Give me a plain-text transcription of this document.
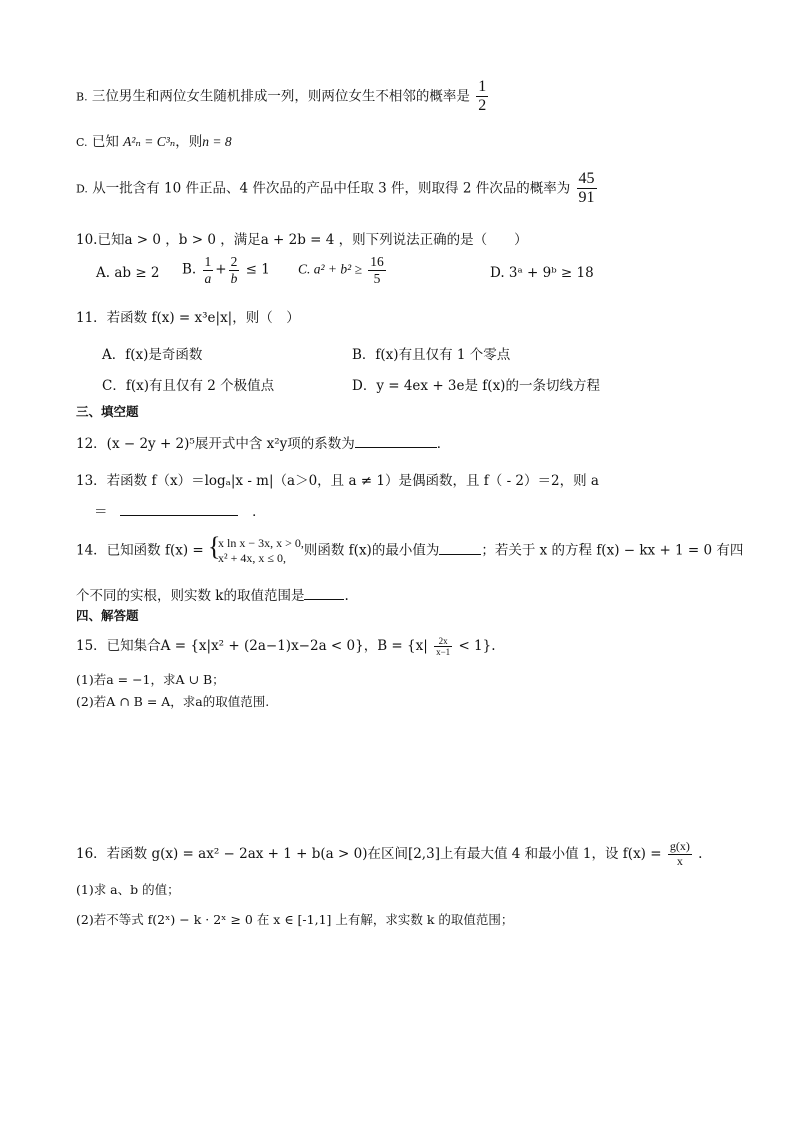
B. 三位男生和两位女生随机排成一列，则两位女生不相邻的概率是 $\frac{1}{2}$
C. 已知 A²ₙ = C³ₙ，则n = 8
D. 从一批含有 10 件正品、4 件次品的产品中任取 3 件，则取得 2 件次品的概率为 $\frac{45}{91}$
10.已知a > 0 ，b > 0 ，满足a + 2b = 4 ，则下列说法正确的是（　　）
A. ab ≥ 2 B. $\frac{1}{a} + \frac{2}{b} \le 1$ C. $a^2 + b^2 \ge \frac{16}{5}$	D. 3ᵃ + 9ᵇ ≥ 18
11．若函数 f(x) = x³e|x|，则（　）
A．f(x)是奇函数	B．f(x)有且仅有 1 个零点
C．f(x)有且仅有 2 个极值点	D．y = 4ex + 3e是 f(x)的一条切线方程
三、填空题
12．(x − 2y + 2)⁵展开式中含 x²y项的系数为	．
13．若函数 f（x）＝logₐ|x - m|（a＞0，且 a ≠ 1）是偶函数，且 f（ - 2）＝2，则 a
＝	．
14．已知函数 f(x) = {
x ln x − 3x, x > 0,
x² + 4x, x ≤ 0,	则函数 f(x)的最小值为	；若关于 x 的方程 f(x) − kx + 1 = 0 有四
个不同的实根，则实数 k的取值范围是	.
四、解答题
15．已知集合A = {x|x² + (2a−1)x−2a < 0}，$B = \{x| \frac{2x}{x-1} < 1\}$.
(1)若a = −1，求A ∪ B；
(2)若A ∩ B = A，求a的取值范围.
16．若函数 g(x) = ax² − 2ax + 1 + b(a > 0)在区间[2,3]上有最大值 4 和最小值 1，设 $f(x) = \frac{g(x)}{x}$ .
(1)求 a、b 的值；
(2)若不等式 f(2ˣ) − k · 2ˣ ≥ 0 在 x ∈ [-1,1] 上有解，求实数 k 的取值范围；
